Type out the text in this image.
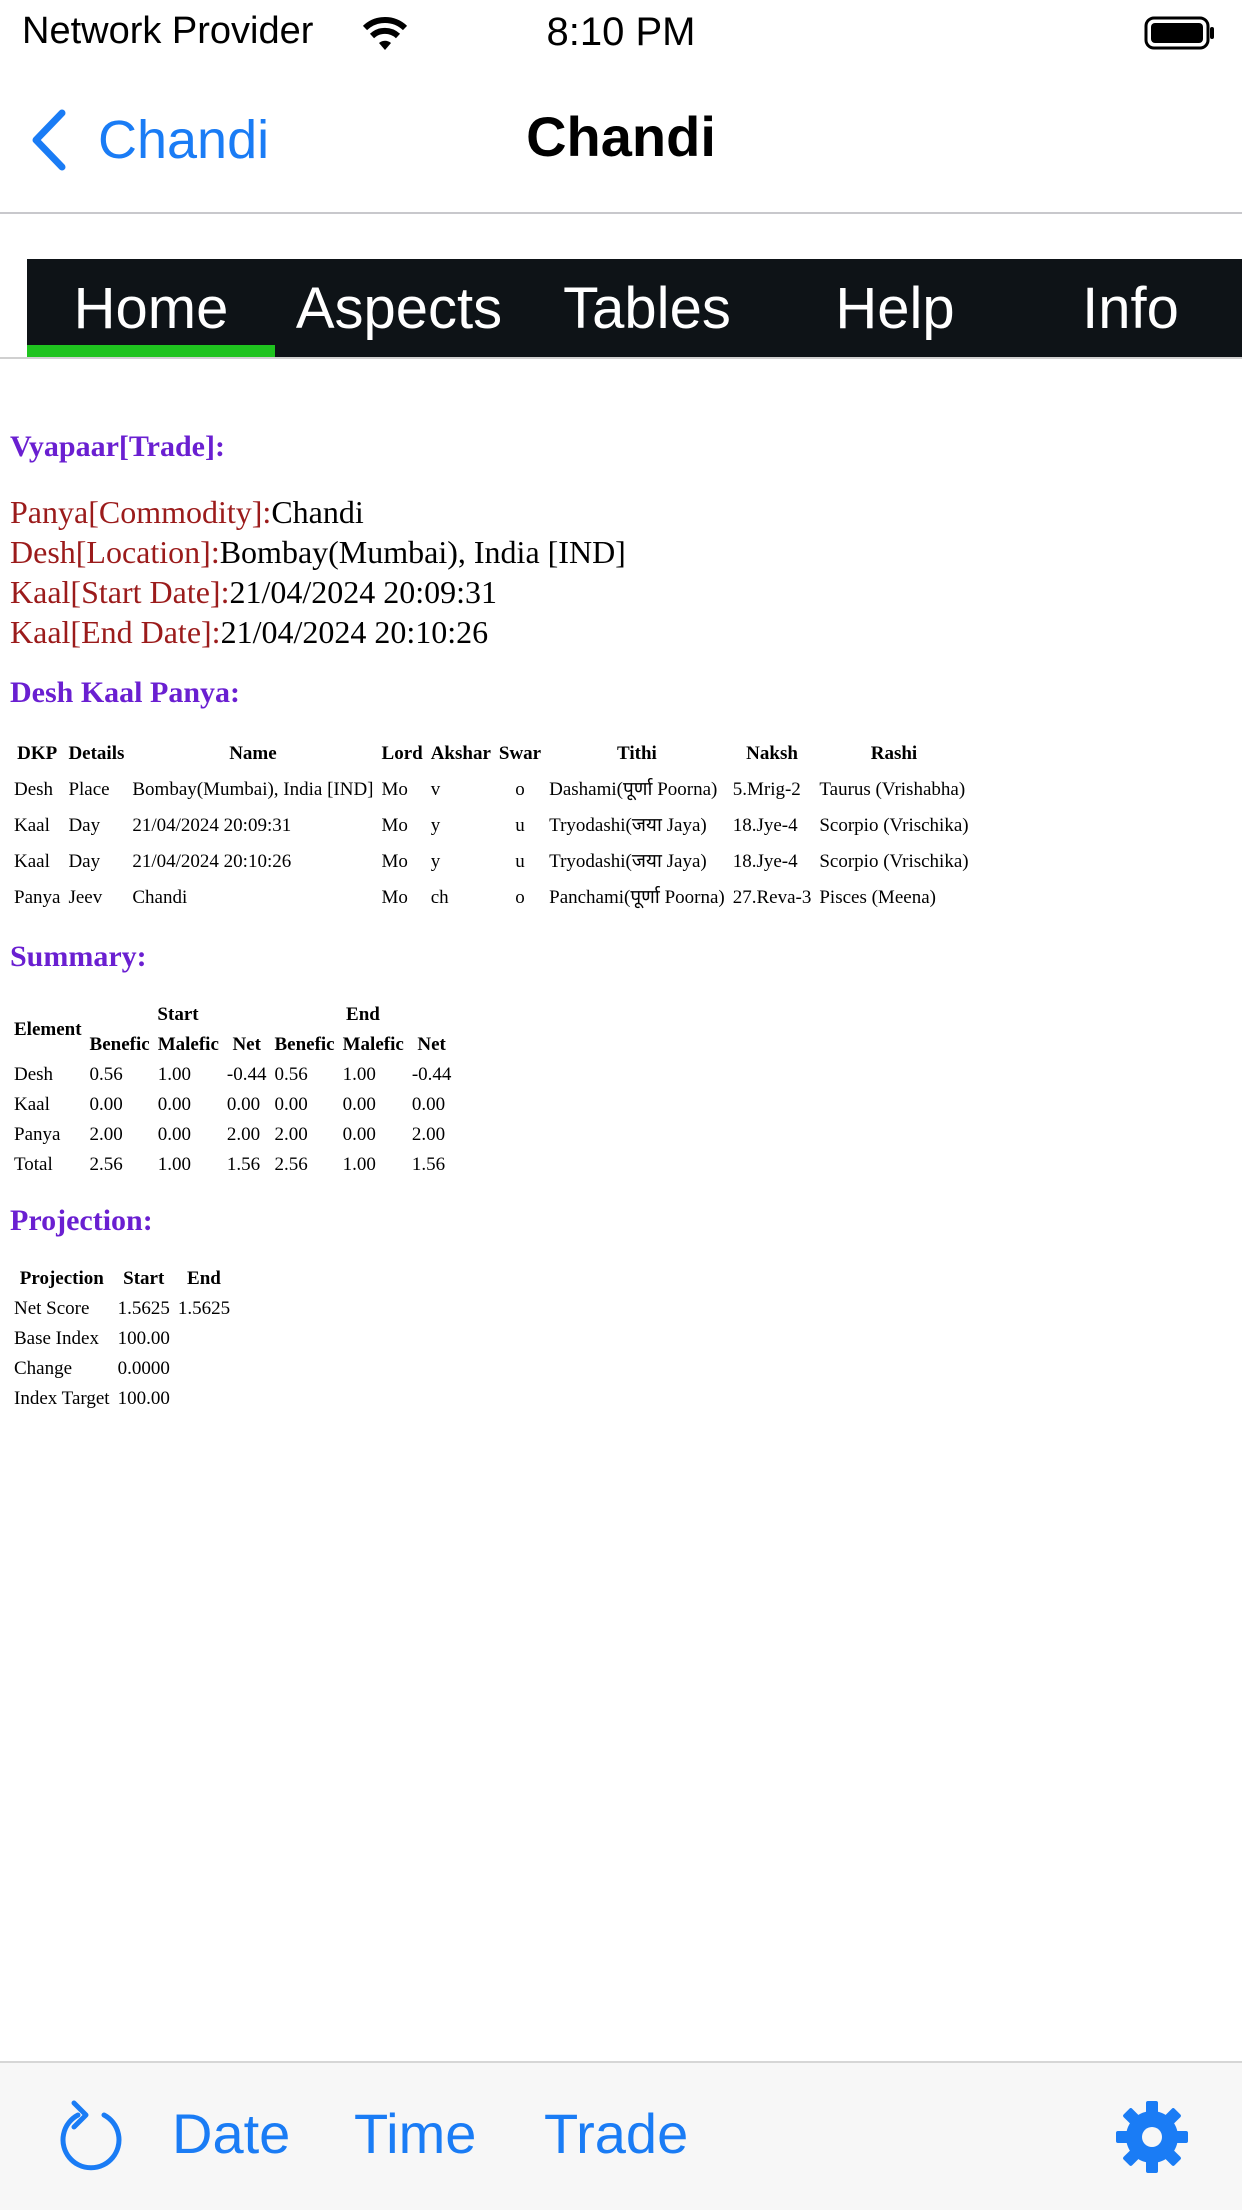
Network Provider	8:10 PM
Chandi	Chandi
Home	Aspects	Tables	Help	Info
Vyapaar[Trade]:
Panya[Commodity]:Chandi
Desh[Location]:Bombay(Mumbai), India [IND]
Kaal[Start Date]:21/04/2024 20:09:31
Kaal[End Date]:21/04/2024 20:10:26
Desh Kaal Panya:
DKP	Details	Name	Lord	Akshar	Swar	Tithi	Naksh	Rashi
Desh	Place	Bombay(Mumbai), India [IND]	Mo	v	o	Dashami(पूर्णा Poorna)	5.Mrig-2	Taurus (Vrishabha)
Kaal	Day	21/04/2024 20:09:31	Mo	y	u	Tryodashi(जया Jaya)	18.Jye-4	Scorpio (Vrischika)
Kaal	Day	21/04/2024 20:10:26	Mo	y	u	Tryodashi(जया Jaya)	18.Jye-4	Scorpio (Vrischika)
Panya	Jeev	Chandi	Mo	ch	o	Panchami(पूर्णा Poorna)	27.Reva-3	Pisces (Meena)
Summary:
Element	Start			End		
	Benefic	Malefic	Net	Benefic	Malefic	Net
Desh	0.56	1.00	-0.44	0.56	1.00	-0.44
Kaal	0.00	0.00	0.00	0.00	0.00	0.00
Panya	2.00	0.00	2.00	2.00	0.00	2.00
Total	2.56	1.00	1.56	2.56	1.00	1.56
Projection:
Projection	Start	End
Net Score	1.5625	1.5625
Base Index	100.00	
Change	0.0000	
Index Target	100.00	
Date Time Trade
